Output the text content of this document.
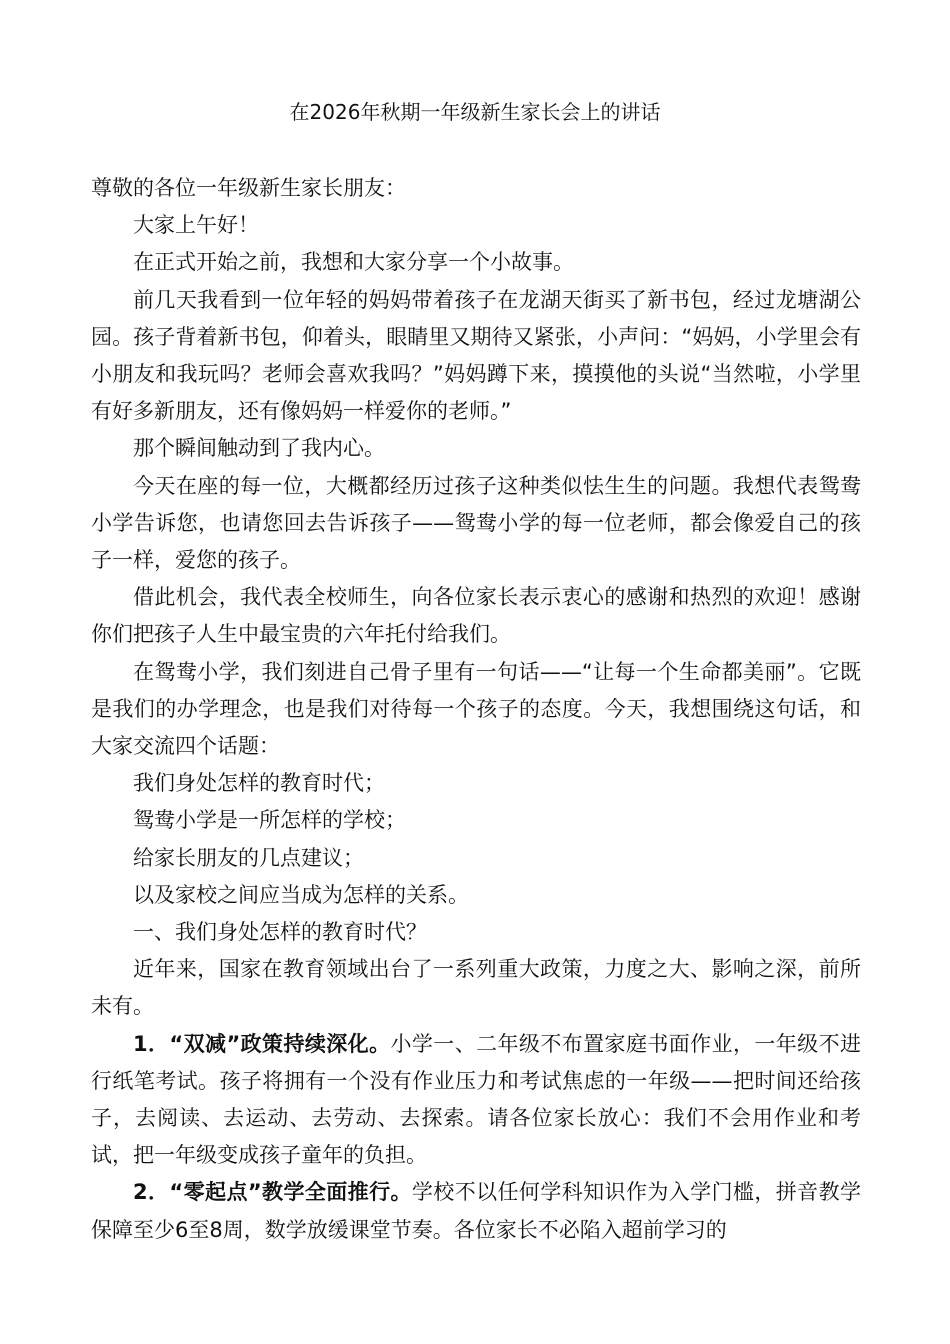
在2026年秋期一年级新生家长会上的讲话

尊敬的各位一年级新生家长朋友：

大家上午好！

在正式开始之前，我想和大家分享一个小故事。

前几天我看到一位年轻的妈妈带着孩子在龙湖天街买了新书包，经过龙塘湖公园。孩子背着新书包，仰着头，眼睛里又期待又紧张，小声问：“妈妈，小学里会有小朋友和我玩吗？老师会喜欢我吗？”妈妈蹲下来，摸摸他的头说“当然啦，小学里有好多新朋友，还有像妈妈一样爱你的老师。”

那个瞬间触动到了我内心。

今天在座的每一位，大概都经历过孩子这种类似怯生生的问题。我想代表鸳鸯小学告诉您，也请您回去告诉孩子——鸳鸯小学的每一位老师，都会像爱自己的孩子一样，爱您的孩子。

借此机会，我代表全校师生，向各位家长表示衷心的感谢和热烈的欢迎！感谢你们把孩子人生中最宝贵的六年托付给我们。

在鸳鸯小学，我们刻进自己骨子里有一句话——“让每一个生命都美丽”。它既是我们的办学理念，也是我们对待每一个孩子的态度。今天，我想围绕这句话，和大家交流四个话题：

我们身处怎样的教育时代；

鸳鸯小学是一所怎样的学校；

给家长朋友的几点建议；

以及家校之间应当成为怎样的关系。

一、我们身处怎样的教育时代？

近年来，国家在教育领域出台了一系列重大政策，力度之大、影响之深，前所未有。

1．“双减”政策持续深化。小学一、二年级不布置家庭书面作业，一年级不进行纸笔考试。孩子将拥有一个没有作业压力和考试焦虑的一年级——把时间还给孩子，去阅读、去运动、去劳动、去探索。请各位家长放心：我们不会用作业和考试，把一年级变成孩子童年的负担。

2．“零起点”教学全面推行。学校不以任何学科知识作为入学门槛，拼音教学保障至少6至8周，数学放缓课堂节奏。各位家长不必陷入超前学习的
